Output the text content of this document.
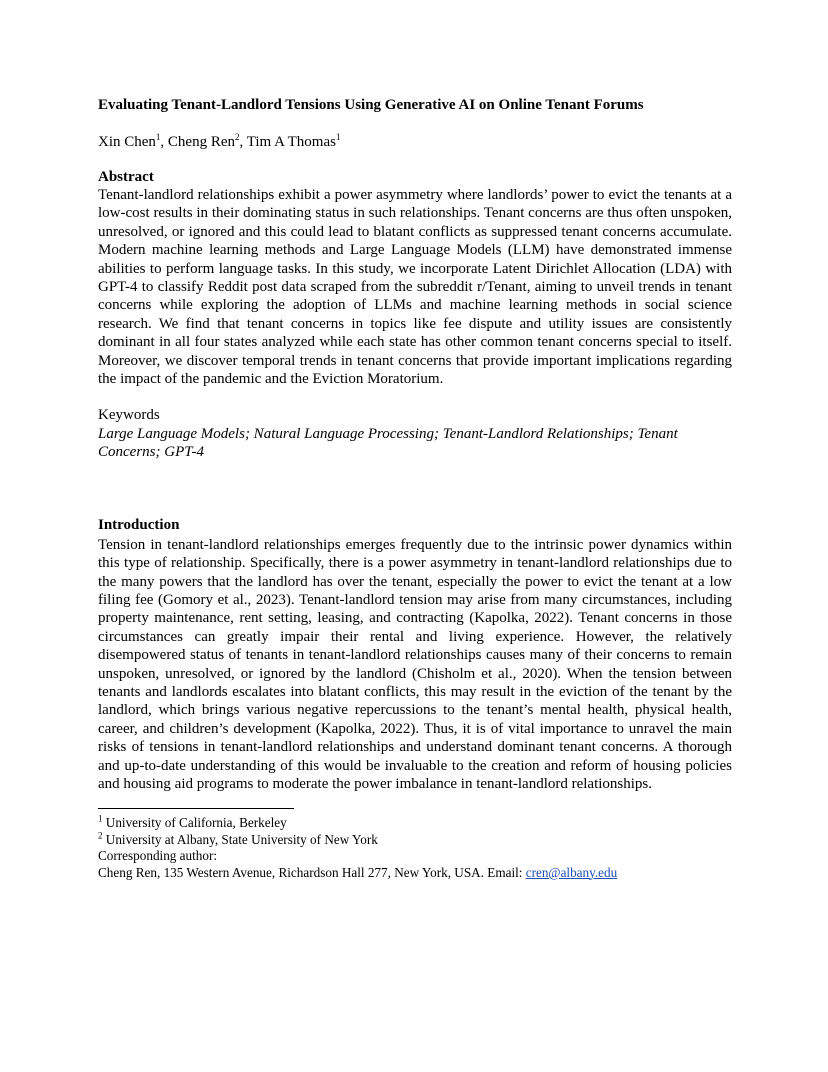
Evaluating Tenant-Landlord Tensions Using Generative AI on Online Tenant Forums

Xin Chen$^1$, Cheng Ren$^2$, Tim A Thomas$^1$

Abstract

Tenant-landlord relationships exhibit a power asymmetry where landlords’ power to evict the tenants at a low-cost results in their dominating status in such relationships. Tenant concerns are thus often unspoken, unresolved, or ignored and this could lead to blatant conflicts as suppressed tenant concerns accumulate. Modern machine learning methods and Large Language Models (LLM) have demonstrated immense abilities to perform language tasks. In this study, we incorporate Latent Dirichlet Allocation (LDA) with GPT-4 to classify Reddit post data scraped from the subreddit r/Tenant, aiming to unveil trends in tenant concerns while exploring the adoption of LLMs and machine learning methods in social science research. We find that tenant concerns in topics like fee dispute and utility issues are consistently dominant in all four states analyzed while each state has other common tenant concerns special to itself. Moreover, we discover temporal trends in tenant concerns that provide important implications regarding the impact of the pandemic and the Eviction Moratorium.

Keywords

Large Language Models; Natural Language Processing; Tenant-Landlord Relationships; Tenant Concerns; GPT-4

Introduction

Tension in tenant-landlord relationships emerges frequently due to the intrinsic power dynamics within this type of relationship. Specifically, there is a power asymmetry in tenant-landlord relationships due to the many powers that the landlord has over the tenant, especially the power to evict the tenant at a low filing fee (Gomory et al., 2023). Tenant-landlord tension may arise from many circumstances, including property maintenance, rent setting, leasing, and contracting (Kapolka, 2022). Tenant concerns in those circumstances can greatly impair their rental and living experience. However, the relatively disempowered status of tenants in tenant-landlord relationships causes many of their concerns to remain unspoken, unresolved, or ignored by the landlord (Chisholm et al., 2020). When the tension between tenants and landlords escalates into blatant conflicts, this may result in the eviction of the tenant by the landlord, which brings various negative repercussions to the tenant’s mental health, physical health, career, and children’s development (Kapolka, 2022). Thus, it is of vital importance to unravel the main risks of tensions in tenant-landlord relationships and understand dominant tenant concerns. A thorough and up-to-date understanding of this would be invaluable to the creation and reform of housing policies and housing aid programs to moderate the power imbalance in tenant-landlord relationships.

$^1$ University of California, Berkeley

$^2$ University at Albany, State University of New York

Corresponding author:

Cheng Ren, 135 Western Avenue, Richardson Hall 277, New York, USA. Email: cren@albany.edu
